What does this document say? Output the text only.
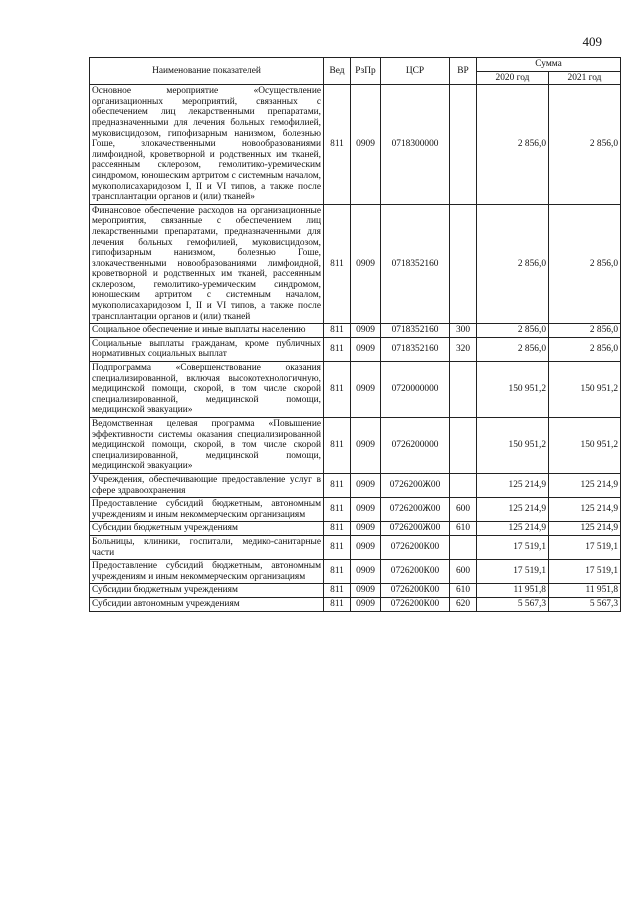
409
Наименование показателей	Вед	РзПр	ЦСР	ВР	Сумма	
					2020 год	2021 год
Основное мероприятие «Осуществление организационных мероприятий, связанных с обеспечением лиц лекарственными препаратами, предназначенными для лечения больных гемофилией, муковисцидозом, гипофизарным нанизмом, болезнью Гоше, злокачественными новообразованиями лимфоидной, кроветворной и родственных им тканей, рассеянным склерозом, гемолитико-уремическим синдромом, юношеским артритом с системным началом, мукополисахаридозом I, II и VI типов, а также после трансплантации органов и (или) тканей»	811	0909	0718300000		2 856,0	2 856,0
Финансовое обеспечение расходов на организационные мероприятия, связанные с обеспечением лиц лекарственными препаратами, предназначенными для лечения больных гемофилией, муковисцидозом, гипофизарным нанизмом, болезнью Гоше, злокачественными новообразованиями лимфоидной, кроветворной и родственных им тканей, рассеянным склерозом, гемолитико-уремическим синдромом, юношеским артритом с системным началом, мукополисахаридозом I, II и VI типов, а также после трансплантации органов и (или) тканей	811	0909	0718352160		2 856,0	2 856,0
Социальное обеспечение и иные выплаты населению	811	0909	0718352160	300	2 856,0	2 856,0
Социальные выплаты гражданам, кроме публичных нормативных социальных выплат	811	0909	0718352160	320	2 856,0	2 856,0
Подпрограмма «Совершенствование оказания специализированной, включая высокотехнологичную, медицинской помощи, скорой, в том числе скорой специализированной, медицинской помощи, медицинской эвакуации»	811	0909	0720000000		150 951,2	150 951,2
Ведомственная целевая программа «Повышение эффективности системы оказания специализированной медицинской помощи, скорой, в том числе скорой специализированной, медицинской помощи, медицинской эвакуации»	811	0909	0726200000		150 951,2	150 951,2
Учреждения, обеспечивающие предоставление услуг в сфере здравоохранения	811	0909	0726200Ж00		125 214,9	125 214,9
Предоставление субсидий бюджетным, автономным учреждениям и иным некоммерческим организациям	811	0909	0726200Ж00	600	125 214,9	125 214,9
Субсидии бюджетным учреждениям	811	0909	0726200Ж00	610	125 214,9	125 214,9
Больницы, клиники, госпитали, медико-санитарные части	811	0909	0726200К00		17 519,1	17 519,1
Предоставление субсидий бюджетным, автономным учреждениям и иным некоммерческим организациям	811	0909	0726200К00	600	17 519,1	17 519,1
Субсидии бюджетным учреждениям	811	0909	0726200К00	610	11 951,8	11 951,8
Субсидии автономным учреждениям	811	0909	0726200К00	620	5 567,3	5 567,3
